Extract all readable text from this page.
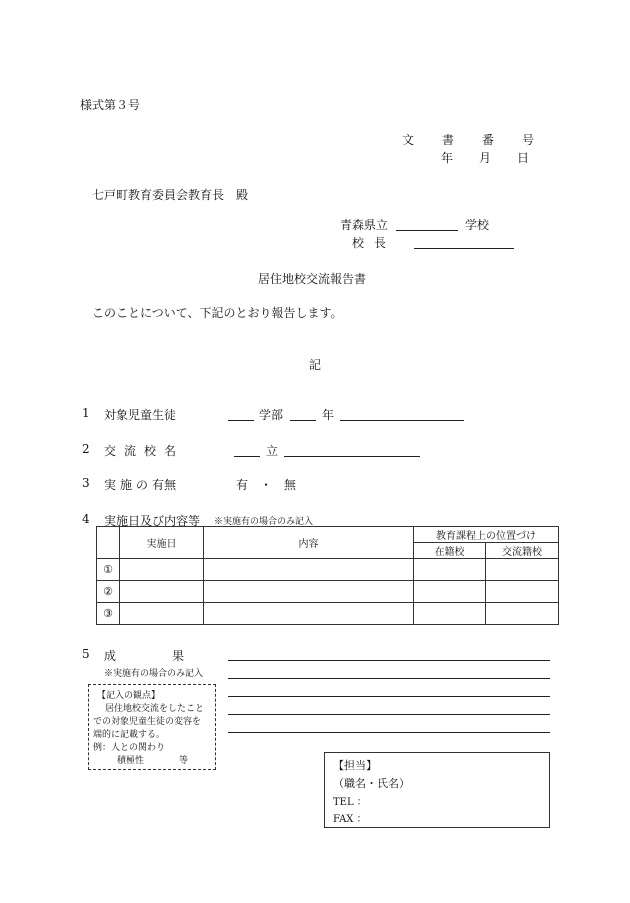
様式第３号
文 書 番 号
年 月 日
七戸町教育委員会教育長　殿
青森県立	学校
校 長
居住地校交流報告書
このことについて、下記のとおり報告します。
記
1 対象児童生徒	学部	年
2 交 流 校 名	立
3 実 施 の 有無	有 ・ 無
4 実施日及び内容等 ※実施有の場合のみ記入
	実施日	内容	教育課程上の位置づけ	
			在籍校	交流籍校
①				
②				
③				
5 成	果
※実施有の場合のみ記入
【記入の観点】
居住地校交流をしたこと
での対象児童生徒の変容を
端的に記載する。
例：人との関わり
積極性	等	【担当】
（職名・氏名）
TEL ：
FAX ：
